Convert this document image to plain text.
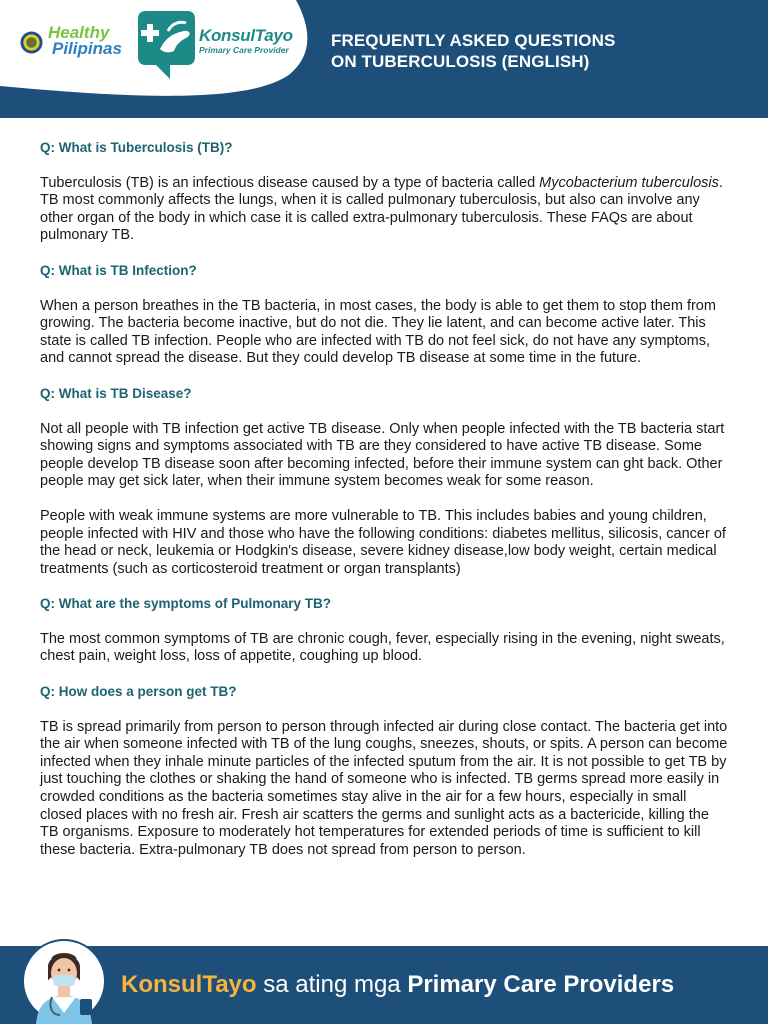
Healthy
Pilipinas
KonsulTayo
Primary Care Provider FREQUENTLY ASKED QUESTIONS
ON TUBERCULOSIS (ENGLISH)

Q: What is Tuberculosis (TB)?

Tuberculosis (TB) is an infectious disease caused by a type of bacteria called Mycobacterium tuberculosis. TB most commonly affects the lungs, when it is called pulmonary tuberculosis, but also can involve any other organ of the body in which case it is called extra-pulmonary tuberculosis. These FAQs are about pulmonary TB.

Q: What is TB Infection?

When a person breathes in the TB bacteria, in most cases, the body is able to get them to stop them from growing. The bacteria become inactive, but do not die. They lie latent, and can become active later. This state is called TB infection. People who are infected with TB do not feel sick, do not have any symptoms, and cannot spread the disease. But they could develop TB disease at some time in the future.

Q: What is TB Disease?

Not all people with TB infection get active TB disease. Only when people infected with the TB bacteria start showing signs and symptoms associated with TB are they considered to have active TB disease. Some people develop TB disease soon after becoming infected, before their immune system can ght back. Other people may get sick later, when their immune system becomes weak for some reason.

People with weak immune systems are more vulnerable to TB. This includes babies and young children, people infected with HIV and those who have the following conditions: diabetes mellitus, silicosis, cancer of the head or neck, leukemia or Hodgkin's disease, severe kidney disease,low body weight, certain medical treatments (such as corticosteroid treatment or organ transplants)

Q: What are the symptoms of Pulmonary TB?

The most common symptoms of TB are chronic cough, fever, especially rising in the evening, night sweats, chest pain, weight loss, loss of appetite, coughing up blood.

Q: How does a person get TB?

TB is spread primarily from person to person through infected air during close contact. The bacteria get into the air when someone infected with TB of the lung coughs, sneezes, shouts, or spits. A person can become infected when they inhale minute particles of the infected sputum from the air. It is not possible to get TB by just touching the clothes or shaking the hand of someone who is infected. TB germs spread more easily in crowded conditions as the bacteria sometimes stay alive in the air for a few hours, especially in small closed places with no fresh air. Fresh air scatters the germs and sunlight acts as a bactericide, killing the TB organisms. Exposure to moderately hot temperatures for extended periods of time is sufficient to kill these bacteria. Extra-pulmonary TB does not spread from person to person.

KonsulTayo sa ating mga Primary Care Providers
